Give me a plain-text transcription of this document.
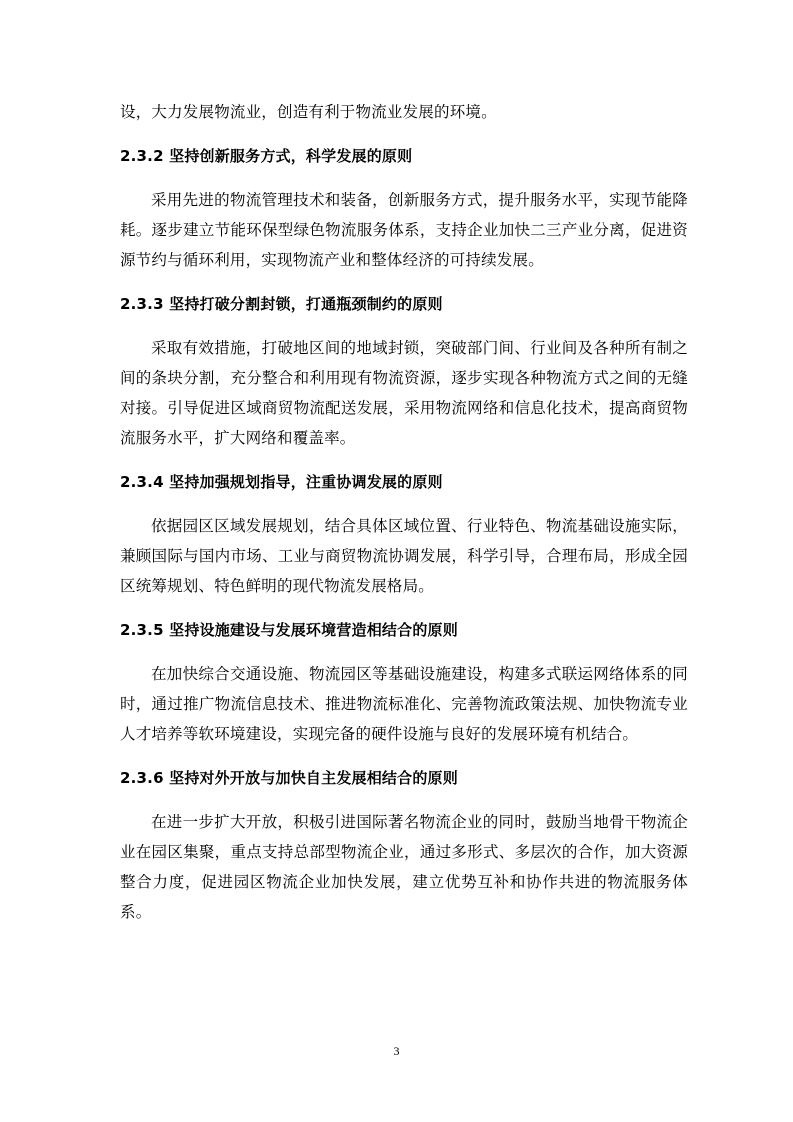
设，大力发展物流业，创造有利于物流业发展的环境。

2.3.2 坚持创新服务方式，科学发展的原则

采用先进的物流管理技术和装备，创新服务方式，提升服务水平，实现节能降耗。逐步建立节能环保型绿色物流服务体系，支持企业加快二三产业分离，促进资源节约与循环利用，实现物流产业和整体经济的可持续发展。

2.3.3 坚持打破分割封锁，打通瓶颈制约的原则

采取有效措施，打破地区间的地域封锁，突破部门间、行业间及各种所有制之间的条块分割，充分整合和利用现有物流资源，逐步实现各种物流方式之间的无缝对接。引导促进区域商贸物流配送发展，采用物流网络和信息化技术，提高商贸物流服务水平，扩大网络和覆盖率。

2.3.4 坚持加强规划指导，注重协调发展的原则

依据园区区域发展规划，结合具体区域位置、行业特色、物流基础设施实际，兼顾国际与国内市场、工业与商贸物流协调发展，科学引导，合理布局，形成全园区统筹规划、特色鲜明的现代物流发展格局。

2.3.5 坚持设施建设与发展环境营造相结合的原则

在加快综合交通设施、物流园区等基础设施建设，构建多式联运网络体系的同时，通过推广物流信息技术、推进物流标准化、完善物流政策法规、加快物流专业人才培养等软环境建设，实现完备的硬件设施与良好的发展环境有机结合。

2.3.6 坚持对外开放与加快自主发展相结合的原则

在进一步扩大开放，积极引进国际著名物流企业的同时，鼓励当地骨干物流企业在园区集聚，重点支持总部型物流企业，通过多形式、多层次的合作，加大资源整合力度，促进园区物流企业加快发展，建立优势互补和协作共进的物流服务体系。

3
